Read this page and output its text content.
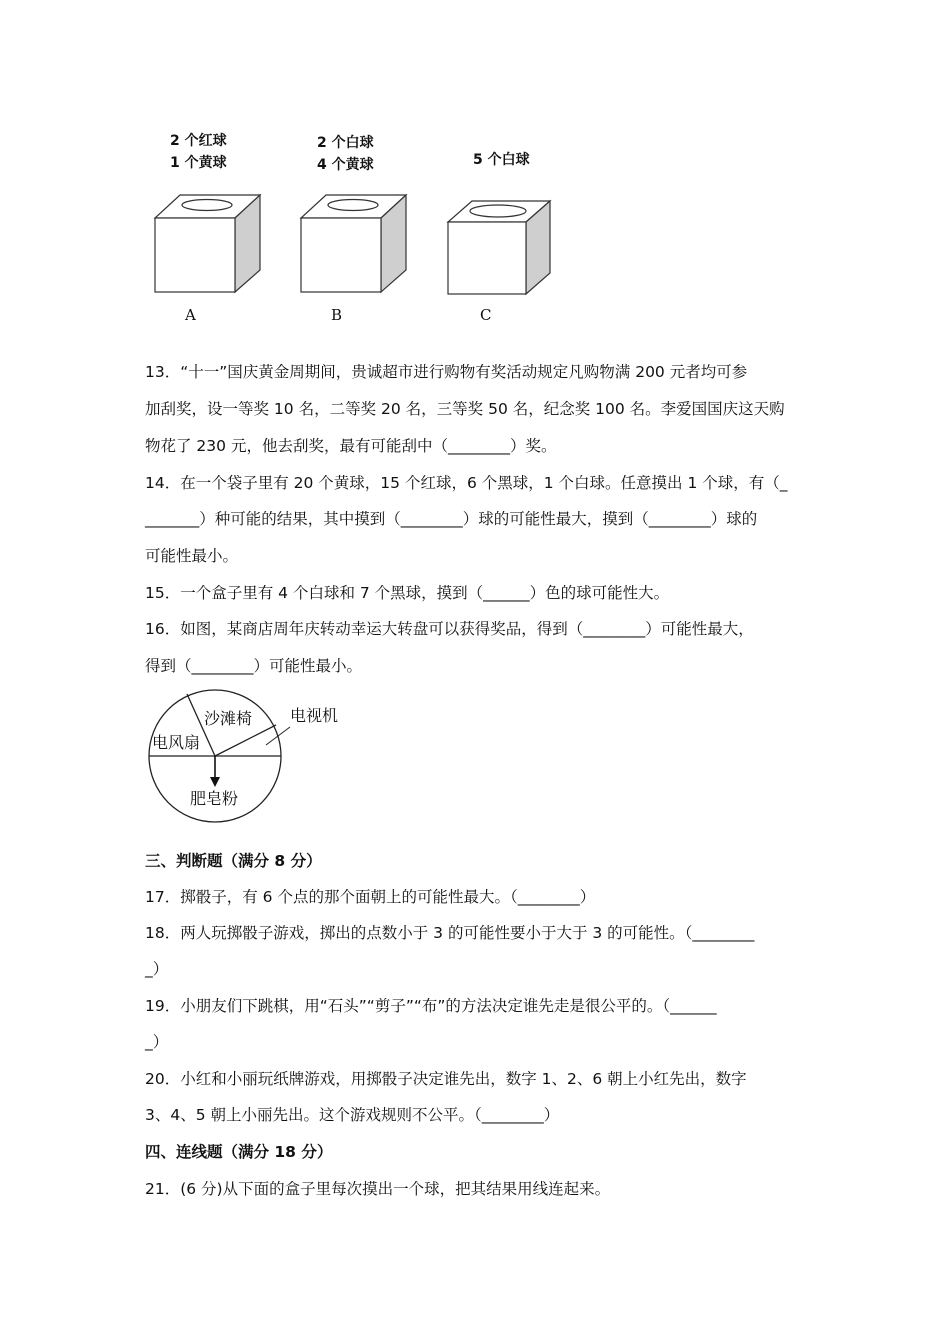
2 个红球
1 个黄球
2 个白球
4 个黄球	5 个白球
A	B	C
13．“十一”国庆黄金周期间，贵诚超市进行购物有奖活动规定凡购物满 200 元者均可参
加刮奖，设一等奖 10 名，二等奖 20 名，三等奖 50 名，纪念奖 100 名。李爱国国庆这天购
物花了 230 元，他去刮奖，最有可能刮中（________）奖。
14．在一个袋子里有 20 个黄球，15 个红球，6 个黑球，1 个白球。任意摸出 1 个球，有（_
_______）种可能的结果，其中摸到（________）球的可能性最大，摸到（________）球的
可能性最小。
15．一个盒子里有 4 个白球和 7 个黑球，摸到（______）色的球可能性大。
16．如图，某商店周年庆转动幸运大转盘可以获得奖品，得到（________）可能性最大，
得到（________）可能性最小。
沙滩椅 电视机
电风扇
肥皂粉
三、判断题（满分 8 分）
17．掷骰子，有 6 个点的那个面朝上的可能性最大。（________）
18．两人玩掷骰子游戏，掷出的点数小于 3 的可能性要小于大于 3 的可能性。（________
_）
19．小朋友们下跳棋，用“石头”“剪子”“布”的方法决定谁先走是很公平的。（______
_）
20．小红和小丽玩纸牌游戏，用掷骰子决定谁先出，数字 1、2、6 朝上小红先出，数字
3、4、5 朝上小丽先出。这个游戏规则不公平。（________）
四、连线题（满分 18 分）
21．(6 分)从下面的盒子里每次摸出一个球，把其结果用线连起来。
